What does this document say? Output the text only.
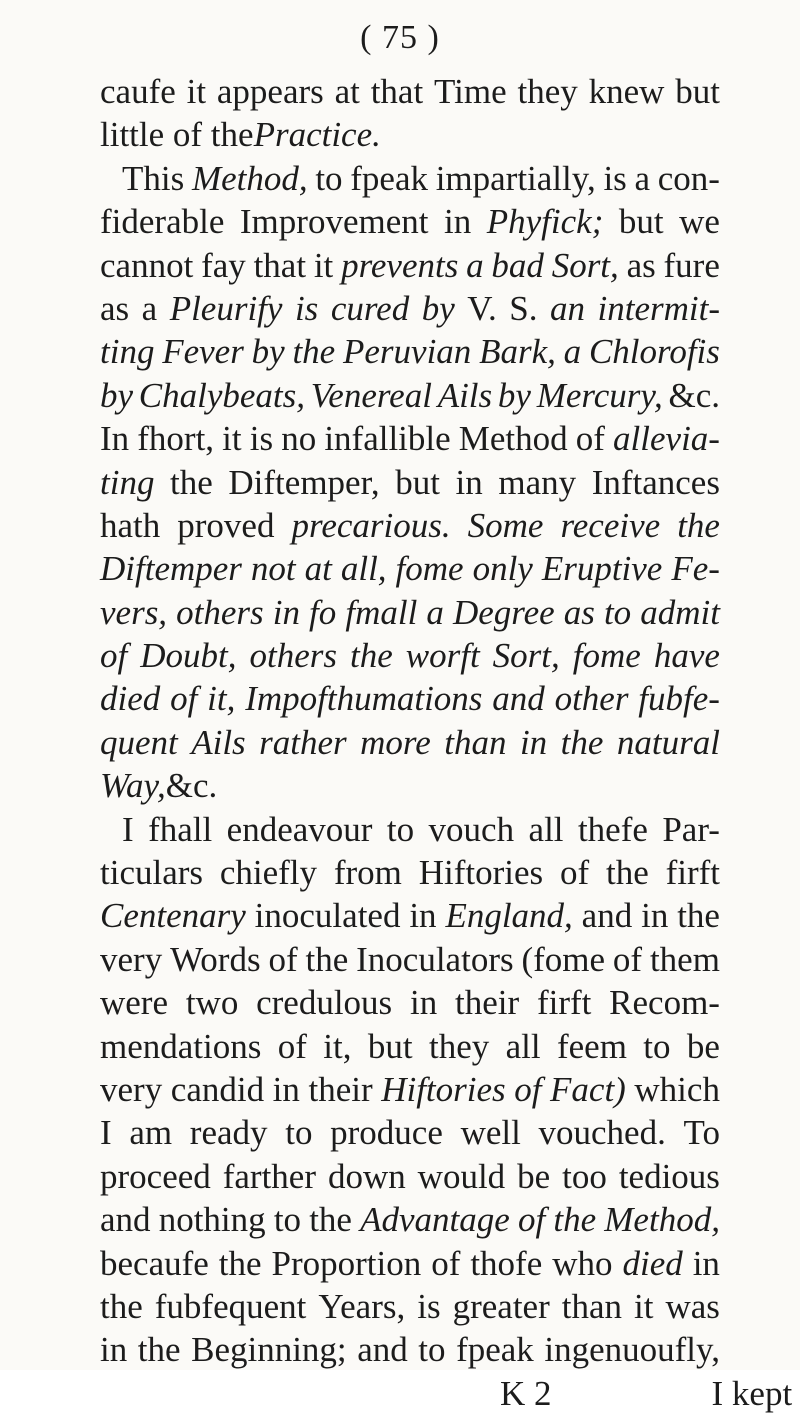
( 75 )
caufe it appears at that Time they knew but
little of the Practice.
This Method, to fpeak impartially, is a con-
fiderable Improvement in Phyfick; but we
cannot fay that it prevents a bad Sort, as fure
as a Pleurify is cured by V. S. an intermit-
ting Fever by the Peruvian Bark, a Chlorofis
by Chalybeats, Venereal Ails by Mercury, &c.
In fhort, it is no infallible Method of allevia-
ting the Diftemper, but in many Inftances
hath proved precarious. Some receive the
Diftemper not at all, fome only Eruptive Fe-
vers, others in fo fmall a Degree as to admit
of Doubt, others the worft Sort, fome have
died of it, Impofthumations and other fubfe-
quent Ails rather more than in the natural
Way, &c.
I fhall endeavour to vouch all thefe Par-
ticulars chiefly from Hiftories of the firft
Centenary inoculated in England, and in the
very Words of the Inoculators (fome of them
were two credulous in their firft Recom-
mendations of it, but they all feem to be
very candid in their Hiftories of Fact) which
I am ready to produce well vouched. To
proceed farther down would be too tedious
and nothing to the Advantage of the Method,
becaufe the Proportion of thofe who died in
the fubfequent Years, is greater than it was
in the Beginning; and to fpeak ingenuoufly,
K 2	I kept
